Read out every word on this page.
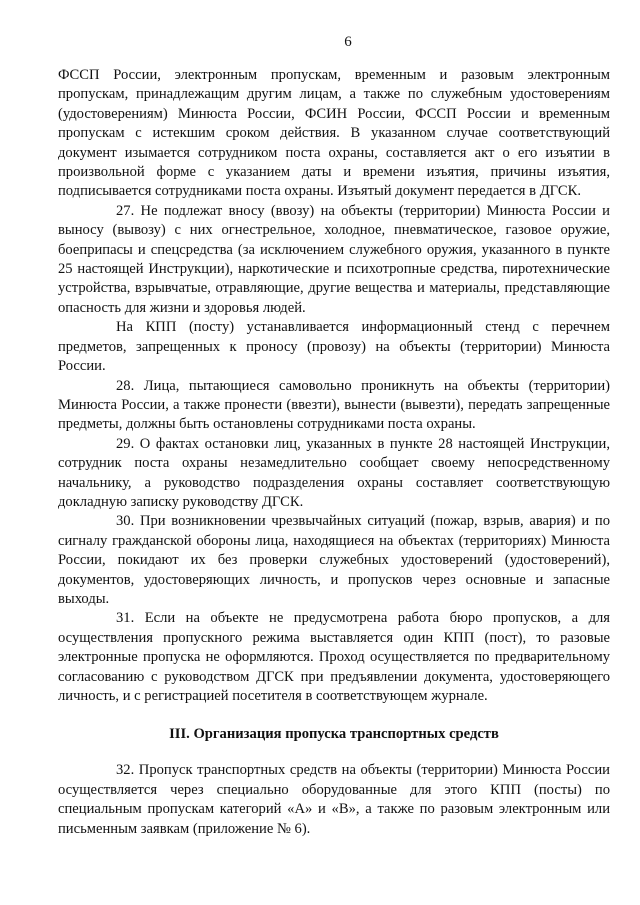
6

ФССП России, электронным пропускам, временным и разовым электронным пропускам, принадлежащим другим лицам, а также по служебным удостоверениям (удостоверениям) Минюста России, ФСИН России, ФССП России и временным пропускам с истекшим сроком действия. В указанном случае соответствующий документ изымается сотрудником поста охраны, составляется акт о его изъятии в произвольной форме с указанием даты и времени изъятия, причины изъятия, подписывается сотрудниками поста охраны. Изъятый документ передается в ДГСК.

27. Не подлежат вносу (ввозу) на объекты (территории) Минюста России и выносу (вывозу) с них огнестрельное, холодное, пневматическое, газовое оружие, боеприпасы и спецсредства (за исключением служебного оружия, указанного в пункте 25 настоящей Инструкции), наркотические и психотропные средства, пиротехнические устройства, взрывчатые, отравляющие, другие вещества и материалы, представляющие опасность для жизни и здоровья людей.

На КПП (посту) устанавливается информационный стенд с перечнем предметов, запрещенных к проносу (провозу) на объекты (территории) Минюста России.

28. Лица, пытающиеся самовольно проникнуть на объекты (территории) Минюста России, а также пронести (ввезти), вынести (вывезти), передать запрещенные предметы, должны быть остановлены сотрудниками поста охраны.

29. О фактах остановки лиц, указанных в пункте 28 настоящей Инструкции, сотрудник поста охраны незамедлительно сообщает своему непосредственному начальнику, а руководство подразделения охраны составляет соответствующую докладную записку руководству ДГСК.

30. При возникновении чрезвычайных ситуаций (пожар, взрыв, авария) и по сигналу гражданской обороны лица, находящиеся на объектах (территориях) Минюста России, покидают их без проверки служебных удостоверений (удостоверений), документов, удостоверяющих личность, и пропусков через основные и запасные выходы.

31. Если на объекте не предусмотрена работа бюро пропусков, а для осуществления пропускного режима выставляется один КПП (пост), то разовые электронные пропуска не оформляются. Проход осуществляется по предварительному согласованию с руководством ДГСК при предъявлении документа, удостоверяющего личность, и с регистрацией посетителя в соответствующем журнале.

III. Организация пропуска транспортных средств

32. Пропуск транспортных средств на объекты (территории) Минюста России осуществляется через специально оборудованные для этого КПП (посты) по специальным пропускам категорий «А» и «В», а также по разовым электронным или письменным заявкам (приложение № 6).
